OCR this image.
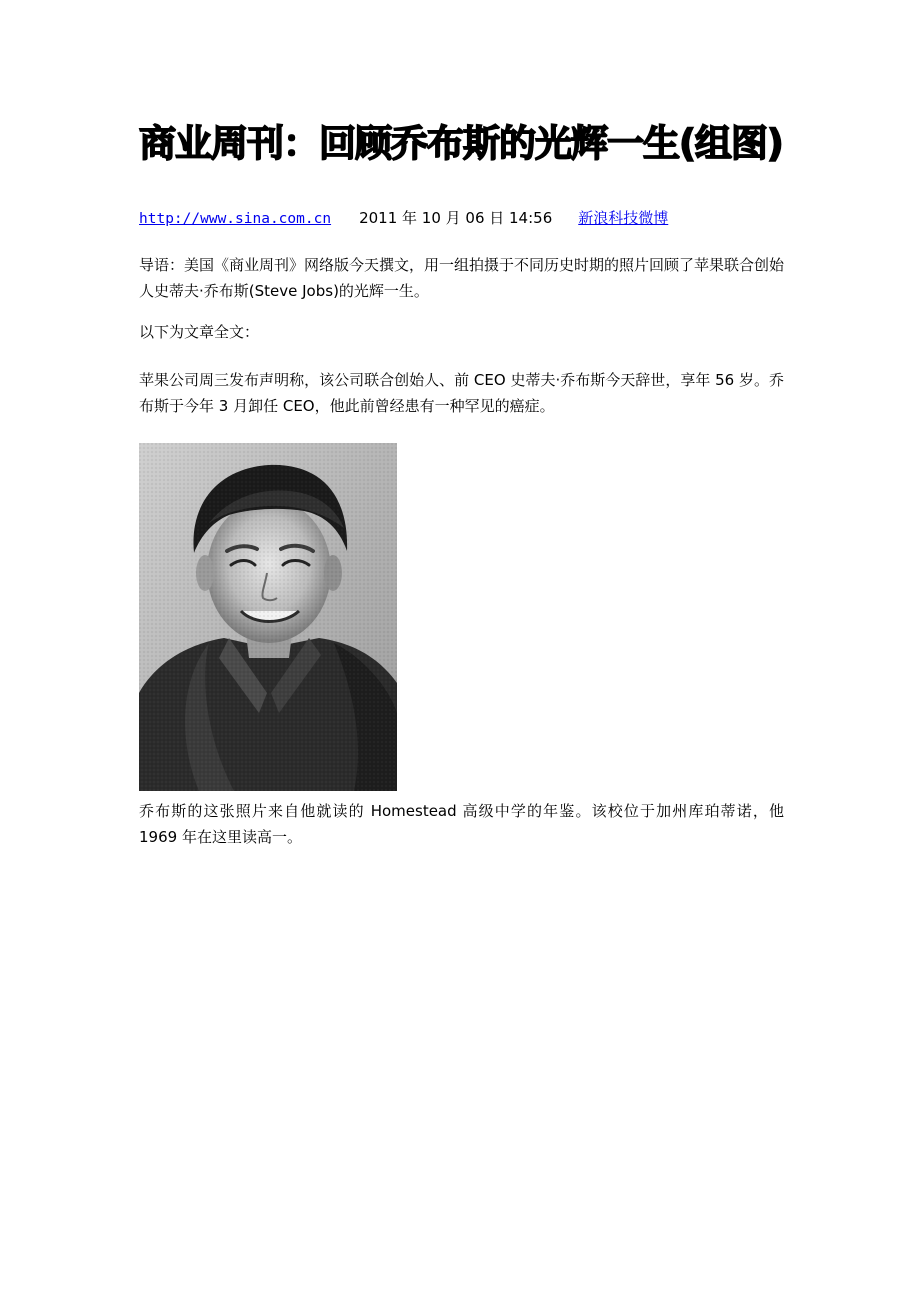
商业周刊：回顾乔布斯的光辉一生(组图)
http://www.sina.com.cn 2011 年 10 月 06 日 14:56 新浪科技微博
导语：美国《商业周刊》网络版今天撰文，用一组拍摄于不同历史时期的照片回顾了苹果联合创始人史蒂夫·乔布斯(Steve Jobs)的光辉一生。
以下为文章全文：
苹果公司周三发布声明称，该公司联合创始人、前 CEO 史蒂夫·乔布斯今天辞世，享年 56 岁。乔布斯于今年 3 月卸任 CEO，他此前曾经患有一种罕见的癌症。
乔布斯的这张照片来自他就读的 Homestead 高级中学的年鉴。该校位于加州库珀蒂诺，他 1969 年在这里读高一。
